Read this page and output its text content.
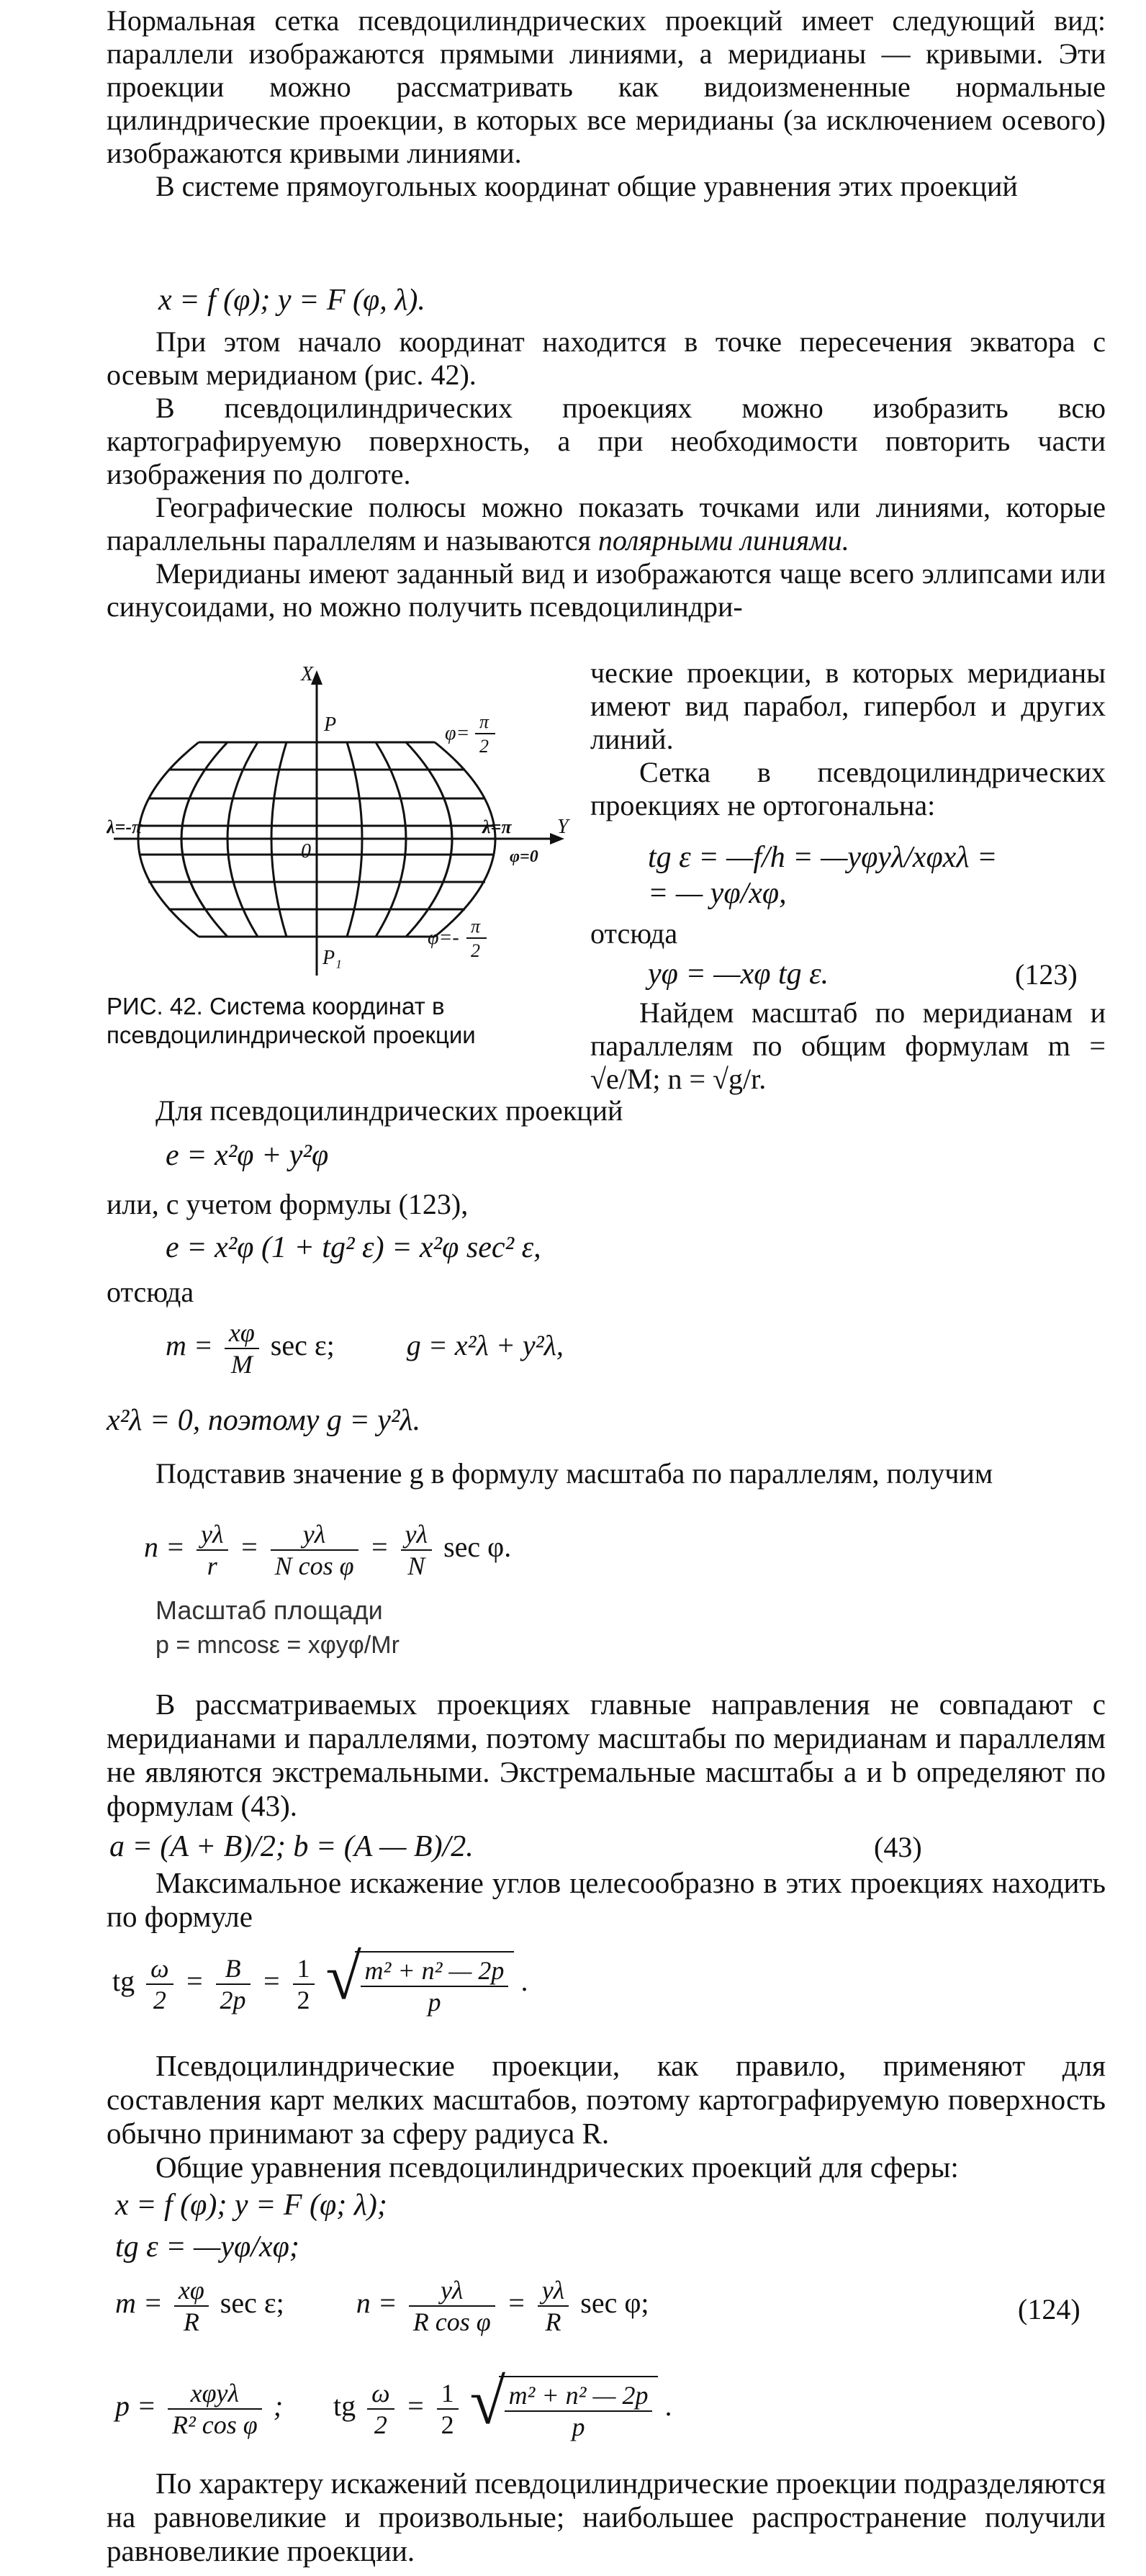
Нормальная сетка псевдоцилиндрических проекций имеет следующий вид: параллели изображаются прямыми линиями, а меридианы — кривыми. Эти проекции можно рассматривать как видоизмененные нормальные цилиндрические проекции, в которых все меридианы (за исключением осевого) изображаются кривыми линиями.

В системе прямоугольных координат общие уравнения этих проекций

x = f (φ); y = F (φ, λ).

При этом начало координат находится в точке пересечения экватора с осевым меридианом (рис. 42).

В псевдоцилиндрических проекциях можно изобразить всю картографируемую поверхность, а при необходимости повторить части изображения по долготе.

Географические полюсы можно показать точками или линиями, которые параллельны параллелям и называются полярными линиями.

Меридианы имеют заданный вид и изображаются чаще всего эллипсами или синусоидами, но можно получить псевдоцилиндри-

ческие проекции, в которых меридианы имеют вид парабол, гипербол и других линий.

Сетка в псевдоцилиндрических проекциях не ортогональна:

tg ε = —f/h = —yφyλ/xφxλ =
= — yφ/xφ,
отсюда
yφ = —xφ tg ε.	(123)

Найдем масштаб по меридианам и параллелям по общим формулам m = √e/M; n = √g/r.

X
Y
P
P₁
0
λ=-π	λ=π
φ=0
φ=
π
2
φ=-
π
2
РИС. 42. Система координат в псевдоцилиндрической проекции
Для псевдоцилиндрических проекций
e = x²φ + y²φ
или, с учетом формулы (123),
e = x²φ (1 + tg² ε) = x²φ sec² ε,
отсюда
$m = \frac{x\varphi}{M}$ sec ε;	g = x²λ + y²λ,
x²λ = 0, поэтому g = y²λ.

Подставив значение g в формулу масштаба по параллелям, получим

$n = \frac{y\lambda}{r} = \frac{y\lambda}{\text{N cos φ}} = \frac{y\lambda}{N}$ sec φ.
Масштаб площади
p = mncosε = xφyφ/Mr

В рассматриваемых проекциях главные направления не совпадают с меридианами и параллелями, поэтому масштабы по меридианам и параллелям не являются экстремальными. Экстремальные масштабы a и b определяют по формулам (43).

a = (A + B)/2; b = (A — B)/2.	(43)

Максимальное искажение углов целесообразно в этих проекциях находить по формуле

tg $\frac{\omega}{2} = \frac{B}{2p} = \frac{1}{2}$
√
$\frac{\text{m² + n² — 2p}}{p}$ .

Псевдоцилиндрические проекции, как правило, применяют для составления карт мелких масштабов, поэтому картографируемую поверхность обычно принимают за сферу радиуса R.

Общие уравнения псевдоцилиндрических проекций для сферы:

x = f (φ); y = F (φ; λ);
tg ε = —yφ/xφ;
$m = \frac{x\varphi}{R}$ sec ε;	$n = \frac{y\lambda}{\text{R cos φ}} = \frac{y\lambda}{R}$ sec φ;	(124)
$p = \frac{\text{xφyλ}}{\text{R² cos φ}}$ ; tg $\frac{\omega}{2} = \frac{1}{2}$
√
$\frac{\text{m² + n² — 2p}}{p}$ .

По характеру искажений псевдоцилиндрические проекции подразделяются на равновеликие и произвольные; наибольшее распространение получили равновеликие проекции.
